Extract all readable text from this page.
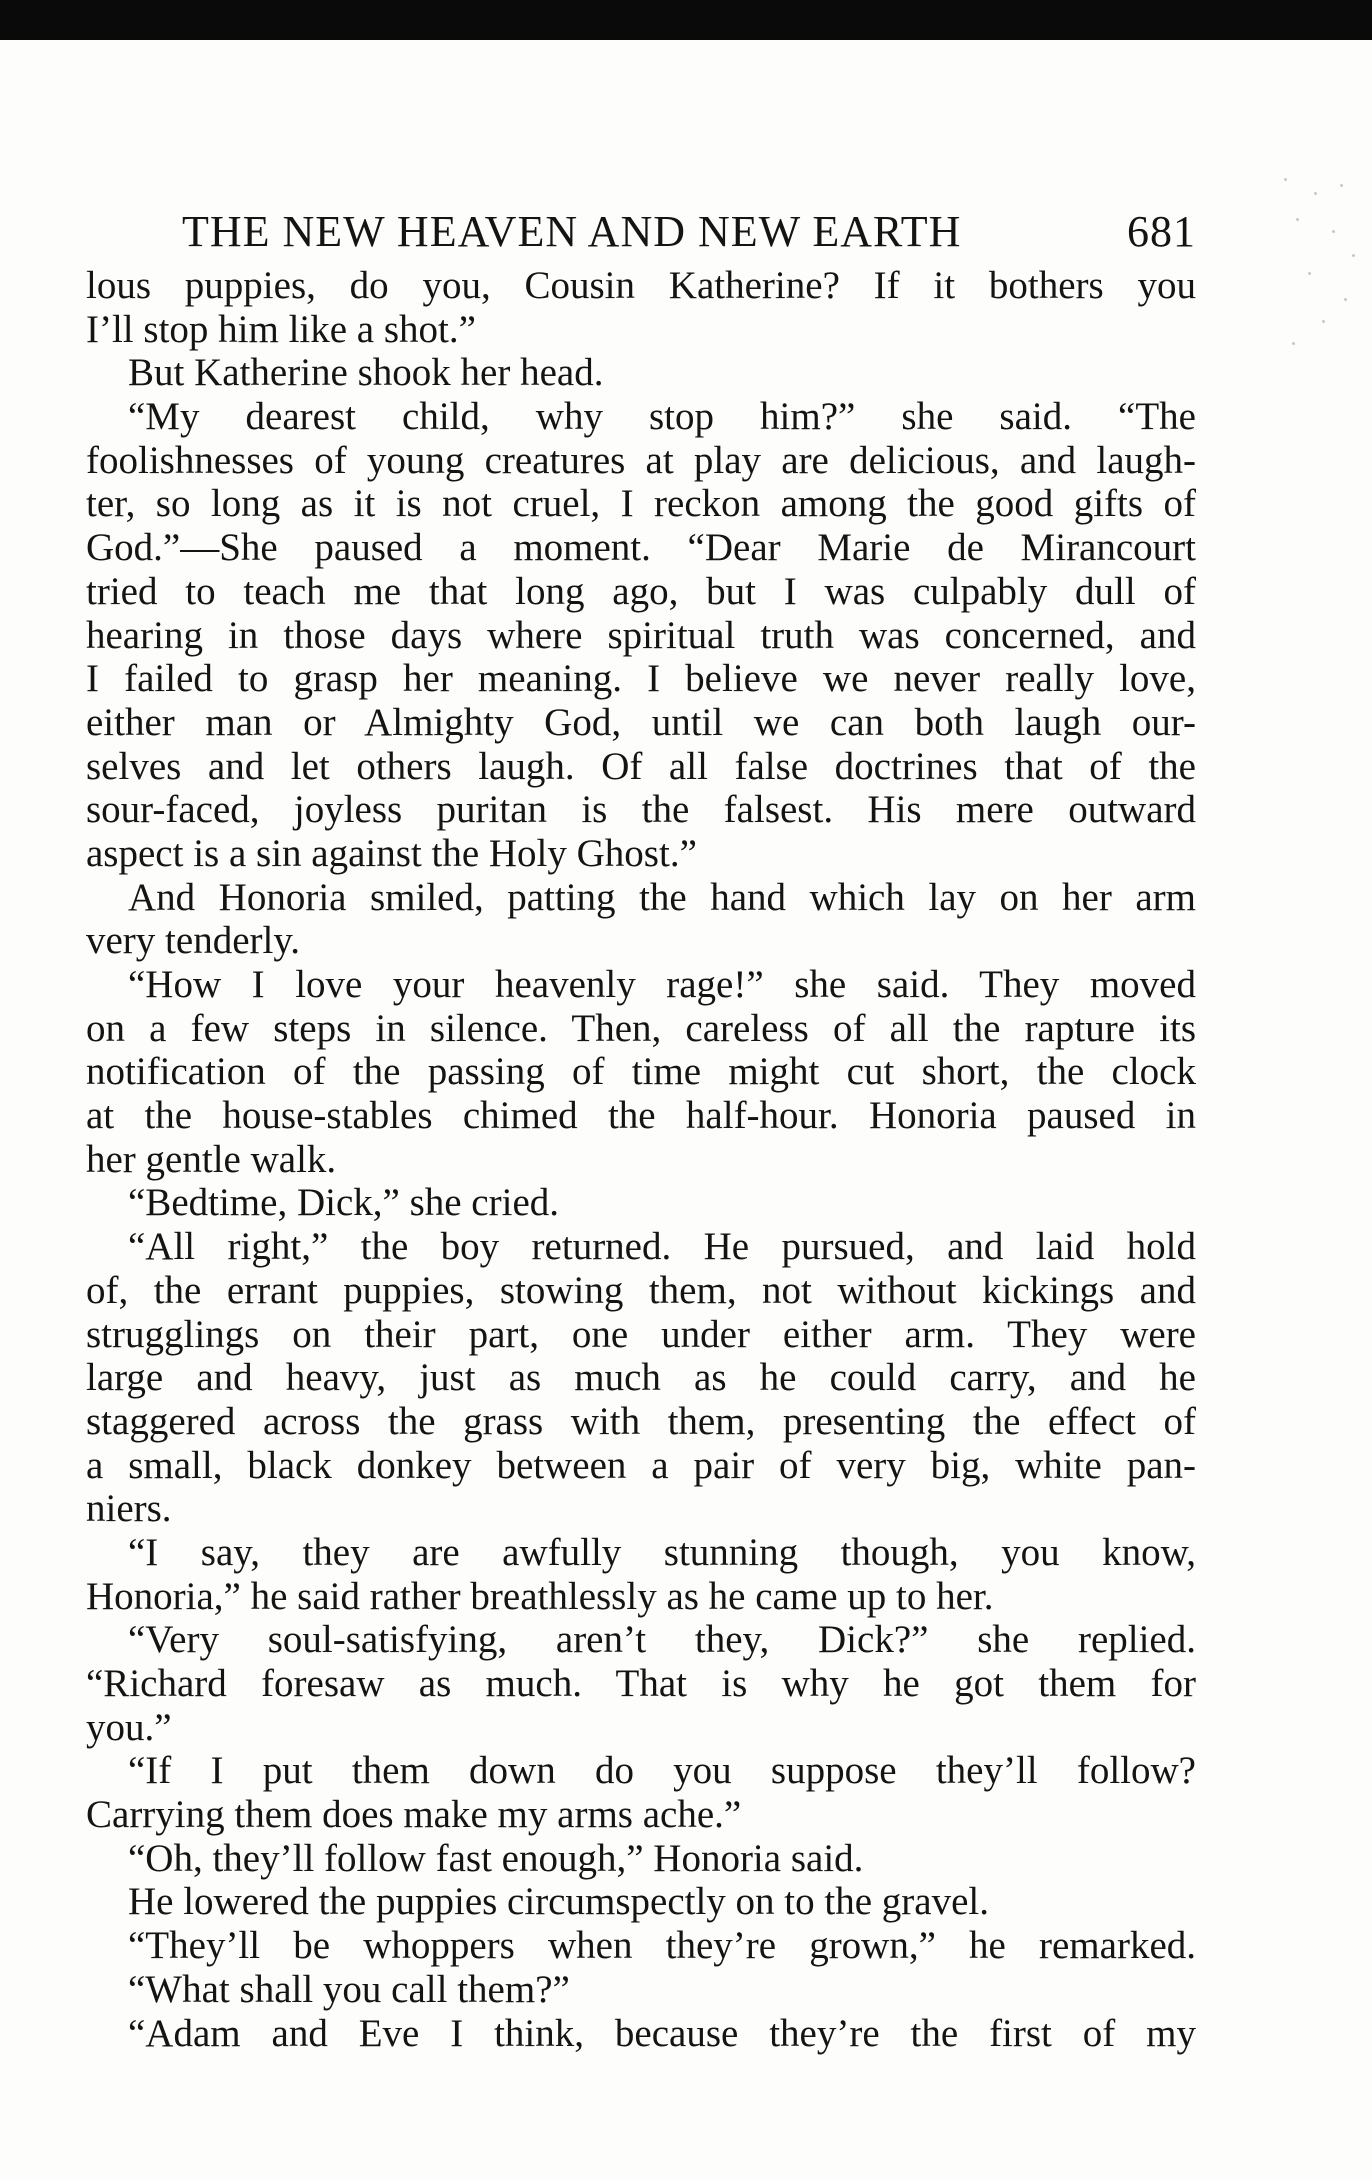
THE NEW HEAVEN AND NEW EARTH	681
lous puppies, do you, Cousin Katherine? If it bothers you
I’ll stop him like a shot.”
But Katherine shook her head.
“My dearest child, why stop him?” she said. “The
foolishnesses of young creatures at play are delicious, and laugh-
ter, so long as it is not cruel, I reckon among the good gifts of
God.”—She paused a moment. “Dear Marie de Mirancourt
tried to teach me that long ago, but I was culpably dull of
hearing in those days where spiritual truth was concerned, and
I failed to grasp her meaning. I believe we never really love,
either man or Almighty God, until we can both laugh our-
selves and let others laugh. Of all false doctrines that of the
sour-faced, joyless puritan is the falsest. His mere outward
aspect is a sin against the Holy Ghost.”
And Honoria smiled, patting the hand which lay on her arm
very tenderly.
“How I love your heavenly rage!” she said. They moved
on a few steps in silence. Then, careless of all the rapture its
notification of the passing of time might cut short, the clock
at the house-stables chimed the half-hour. Honoria paused in
her gentle walk.
“Bedtime, Dick,” she cried.
“All right,” the boy returned. He pursued, and laid hold
of, the errant puppies, stowing them, not without kickings and
strugglings on their part, one under either arm. They were
large and heavy, just as much as he could carry, and he
staggered across the grass with them, presenting the effect of
a small, black donkey between a pair of very big, white pan-
niers.
“I say, they are awfully stunning though, you know,
Honoria,” he said rather breathlessly as he came up to her.
“Very soul-satisfying, aren’t they, Dick?” she replied.
“Richard foresaw as much. That is why he got them for
you.”
“If I put them down do you suppose they’ll follow?
Carrying them does make my arms ache.”
“Oh, they’ll follow fast enough,” Honoria said.
He lowered the puppies circumspectly on to the gravel.
“They’ll be whoppers when they’re grown,” he remarked.
“What shall you call them?”
“Adam and Eve I think, because they’re the first of my
